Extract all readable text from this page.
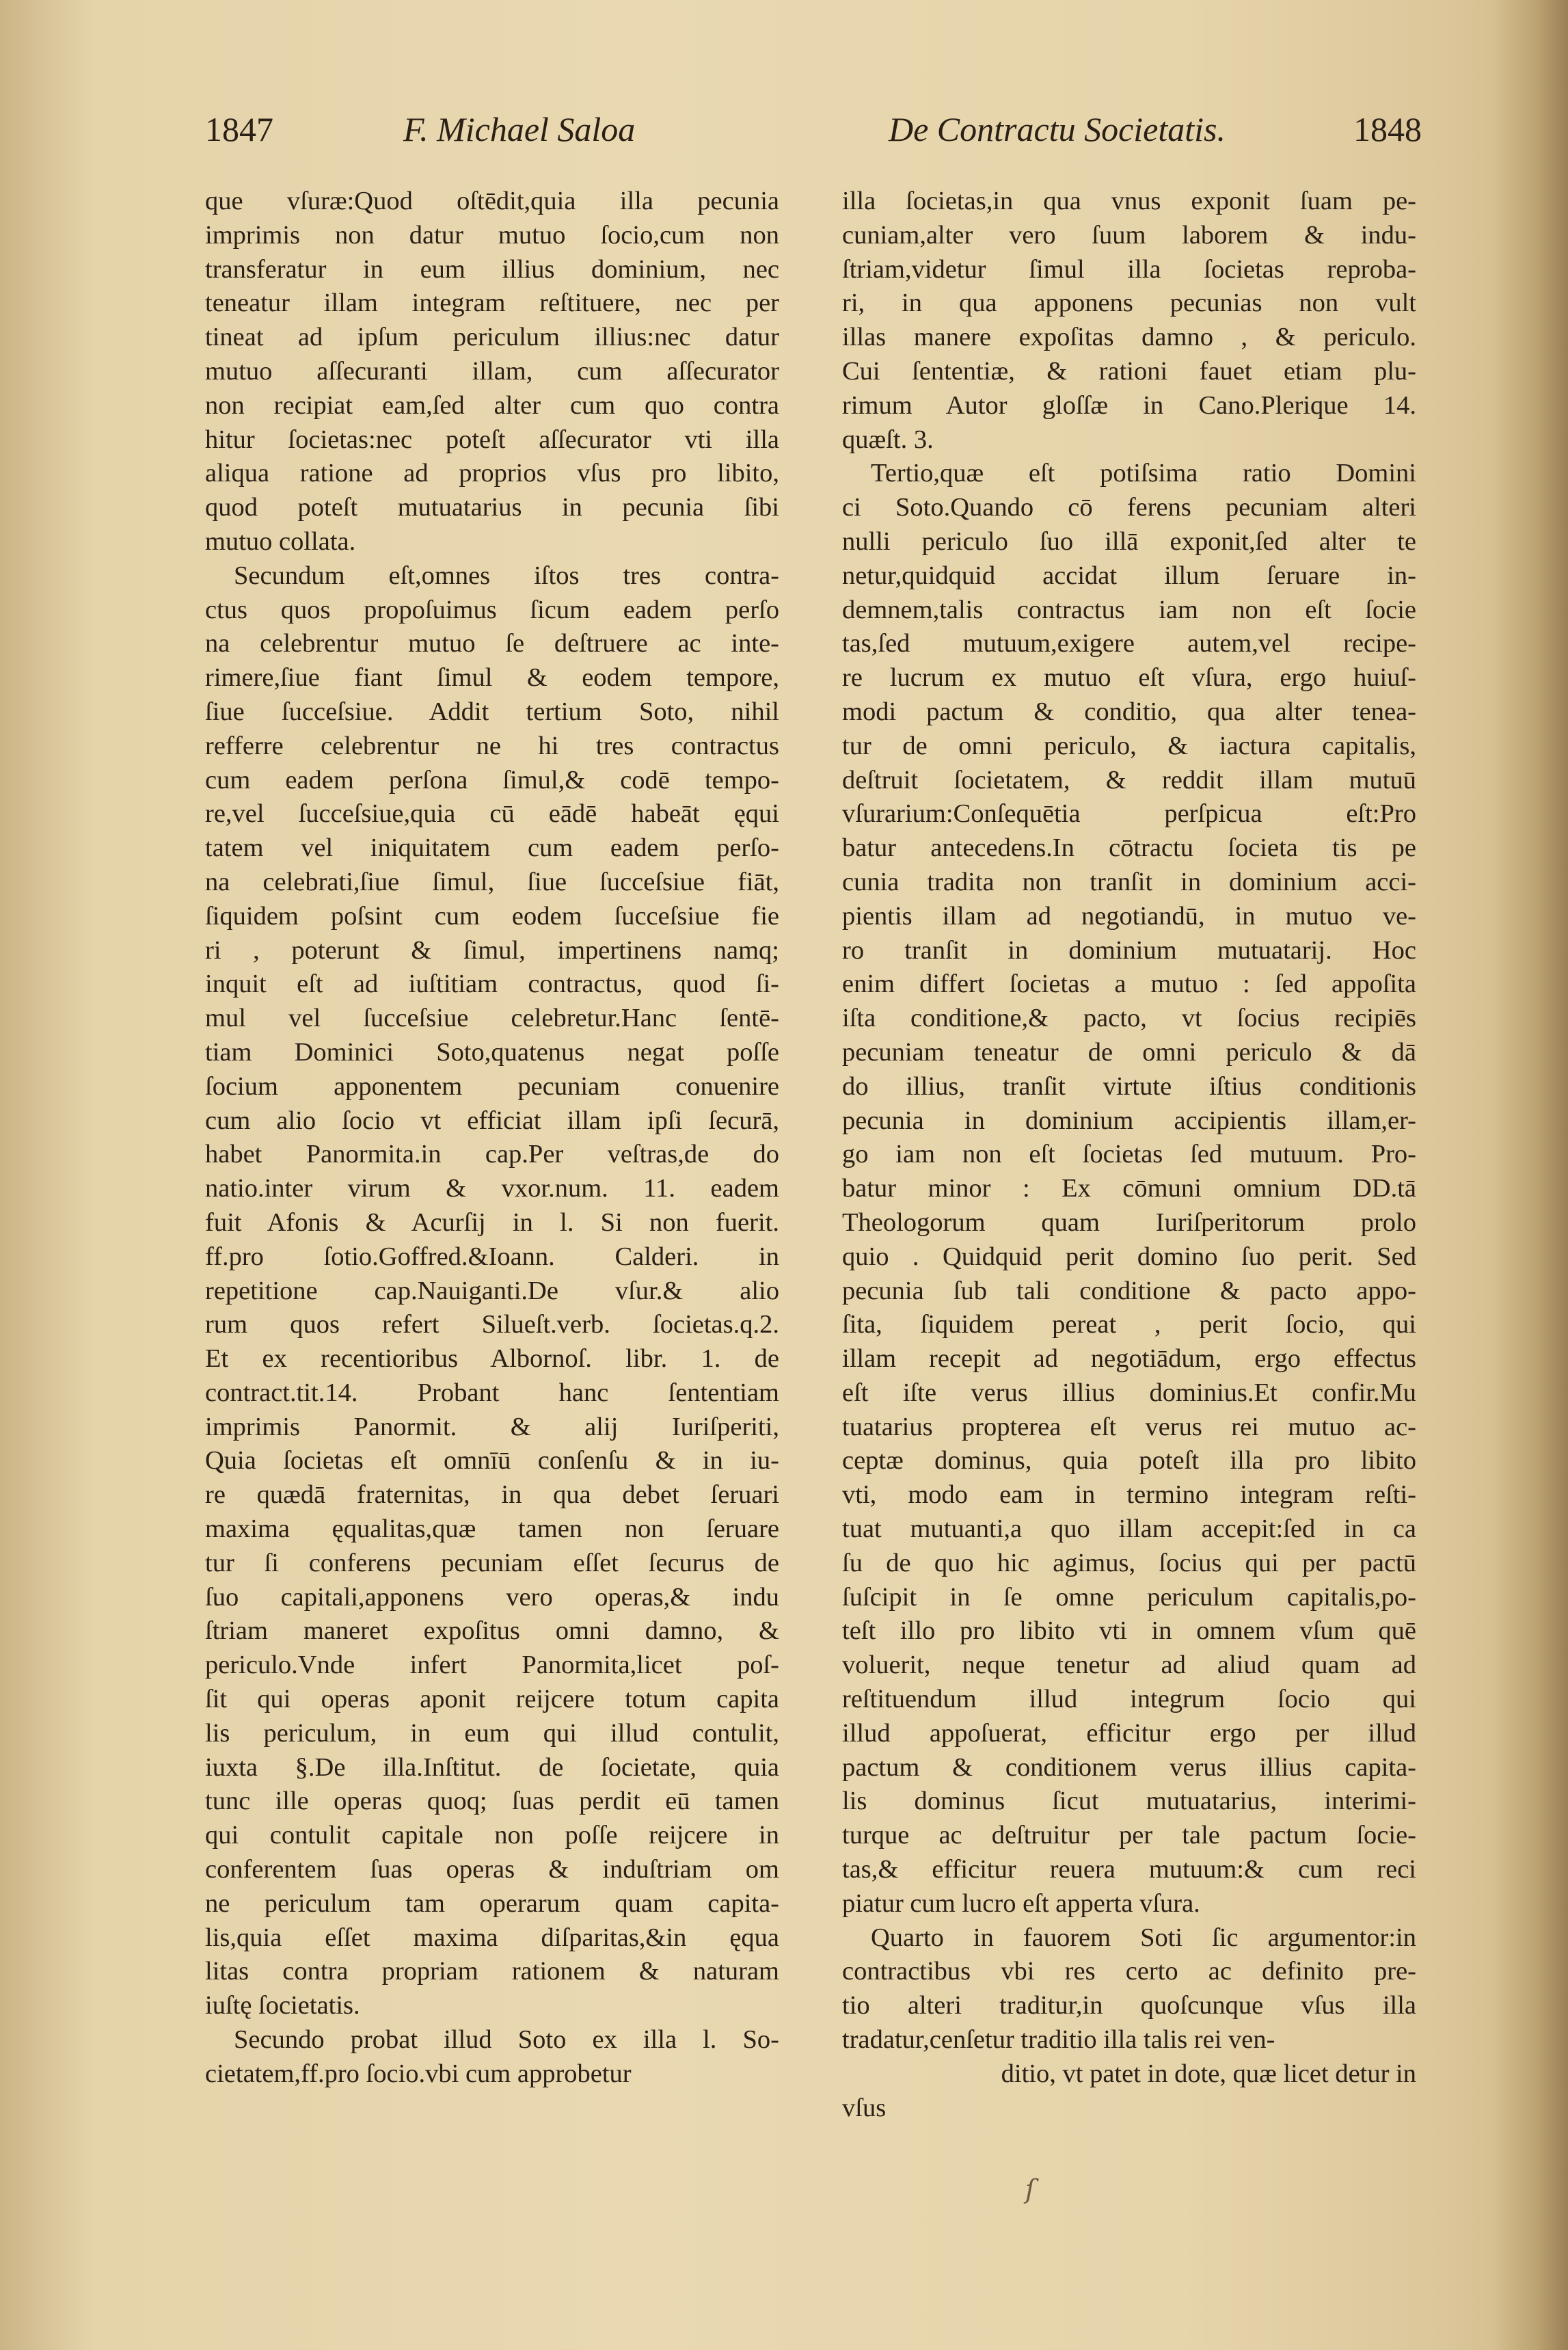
1847	F. Michael Saloa	De Contractu Societatis.	1848
que vſuræ:Quod oſtēdit,quia illa pecunia
imprimis non datur mutuo ſocio,cum non
transferatur in eum illius dominium, nec
teneatur illam integram reſtituere, nec per
tineat ad ipſum periculum illius:nec datur
mutuo aſſecuranti illam, cum aſſecurator
non recipiat eam,ſed alter cum quo contra
hitur ſocietas:nec poteſt aſſecurator vti illa
aliqua ratione ad proprios vſus pro libito,
quod poteſt mutuatarius in pecunia ſibi
mutuo collata.
Secundum eſt,omnes iſtos tres contra-
ctus quos propoſuimus ſicum eadem perſo
na celebrentur mutuo ſe deſtruere ac inte-
rimere,ſiue fiant ſimul & eodem tempore,
ſiue ſucceſsiue. Addit tertium Soto, nihil
refferre celebrentur ne hi tres contractus
cum eadem perſona ſimul,& codē tempo-
re,vel ſucceſsiue,quia cū eādē habeāt ęqui
tatem vel iniquitatem cum eadem perſo-
na celebrati,ſiue ſimul, ſiue ſucceſsiue fiāt,
ſiquidem poſsint cum eodem ſucceſsiue fie
ri , poterunt & ſimul, impertinens namq;
inquit eſt ad iuſtitiam contractus, quod ſi-
mul vel ſucceſsiue celebretur.Hanc ſentē-
tiam Dominici Soto,quatenus negat poſſe
ſocium apponentem pecuniam conuenire
cum alio ſocio vt efficiat illam ipſi ſecurā,
habet Panormita.in cap.Per veſtras,de do
natio.inter virum & vxor.num. 11. eadem
fuit Afonis & Acurſij in l. Si non fuerit.
ff.pro ſotio.Goffred.&Ioann. Calderi. in
repetitione cap.Nauiganti.De vſur.& alio
rum quos refert Silueſt.verb. ſocietas.q.2.
Et ex recentioribus Albornoſ. libr. 1. de
contract.tit.14. Probant hanc ſententiam
imprimis Panormit. & alij Iuriſperiti,
Quia ſocietas eſt omnīū conſenſu & in iu-
re quædā fraternitas, in qua debet ſeruari
maxima ęqualitas,quæ tamen non ſeruare
tur ſi conferens pecuniam eſſet ſecurus de
ſuo capitali,apponens vero operas,& indu
ſtriam maneret expoſitus omni damno, &
periculo.Vnde infert Panormita,licet poſ-
ſit qui operas aponit reijcere totum capita
lis periculum, in eum qui illud contulit,
iuxta §.De illa.Inſtitut. de ſocietate, quia
tunc ille operas quoq; ſuas perdit eū tamen
qui contulit capitale non poſſe reijcere in
conferentem ſuas operas & induſtriam om
ne periculum tam operarum quam capita-
lis,quia eſſet maxima diſparitas,&in ęqua
litas contra propriam rationem & naturam
iuſtę ſocietatis.
Secundo probat illud Soto ex illa l. So-
cietatem,ff.pro ſocio.vbi cum approbetur
illa ſocietas,in qua vnus exponit ſuam pe-
cuniam,alter vero ſuum laborem & indu-
ſtriam,videtur ſimul illa ſocietas reproba-
ri, in qua apponens pecunias non vult
illas manere expoſitas damno , & periculo.
Cui ſententiæ, & rationi fauet etiam plu-
rimum Autor gloſſæ in Cano.Plerique 14.
quæſt. 3.
Tertio,quæ eſt potiſsima ratio Domini
ci Soto.Quando cō ferens pecuniam alteri
nulli periculo ſuo illā exponit,ſed alter te
netur,quidquid accidat illum ſeruare in-
demnem,talis contractus iam non eſt ſocie
tas,ſed mutuum,exigere autem,vel recipe-
re lucrum ex mutuo eſt vſura, ergo huiuſ-
modi pactum & conditio, qua alter tenea-
tur de omni periculo, & iactura capitalis,
deſtruit ſocietatem, & reddit illam mutuū
vſurarium:Conſequētia perſpicua eſt:Pro
batur antecedens.In cōtractu ſocieta tis pe
cunia tradita non tranſit in dominium acci-
pientis illam ad negotiandū, in mutuo ve-
ro tranſit in dominium mutuatarij. Hoc
enim differt ſocietas a mutuo : ſed appoſita
iſta conditione,& pacto, vt ſocius recipiēs
pecuniam teneatur de omni periculo & dā
do illius, tranſit virtute iſtius conditionis
pecunia in dominium accipientis illam,er-
go iam non eſt ſocietas ſed mutuum. Pro-
batur minor : Ex cōmuni omnium DD.tā
Theologorum quam Iuriſperitorum prolo
quio . Quidquid perit domino ſuo perit. Sed
pecunia ſub tali conditione & pacto appo-
ſita, ſiquidem pereat , perit ſocio, qui
illam recepit ad negotiādum, ergo effectus
eſt iſte verus illius dominius.Et confir.Mu
tuatarius propterea eſt verus rei mutuo ac-
ceptæ dominus, quia poteſt illa pro libito
vti, modo eam in termino integram reſti-
tuat mutuanti,a quo illam accepit:ſed in ca
ſu de quo hic agimus, ſocius qui per pactū
ſuſcipit in ſe omne periculum capitalis,po-
teſt illo pro libito vti in omnem vſum quē
voluerit, neque tenetur ad aliud quam ad
reſtituendum illud integrum ſocio qui
illud appoſuerat, efficitur ergo per illud
pactum & conditionem verus illius capita-
lis dominus ſicut mutuatarius, interimi-
turque ac deſtruitur per tale pactum ſocie-
tas,& efficitur reuera mutuum:& cum reci
piatur cum lucro eſt apperta vſura.
Quarto in fauorem Soti ſic argumentor:in
contractibus vbi res certo ac definito pre-
tio alteri traditur,in quoſcunque vſus illa
tradatur,cenſetur traditio illa talis rei ven-
ditio, vt patet in dote, quæ licet detur in
vſus
ſ
